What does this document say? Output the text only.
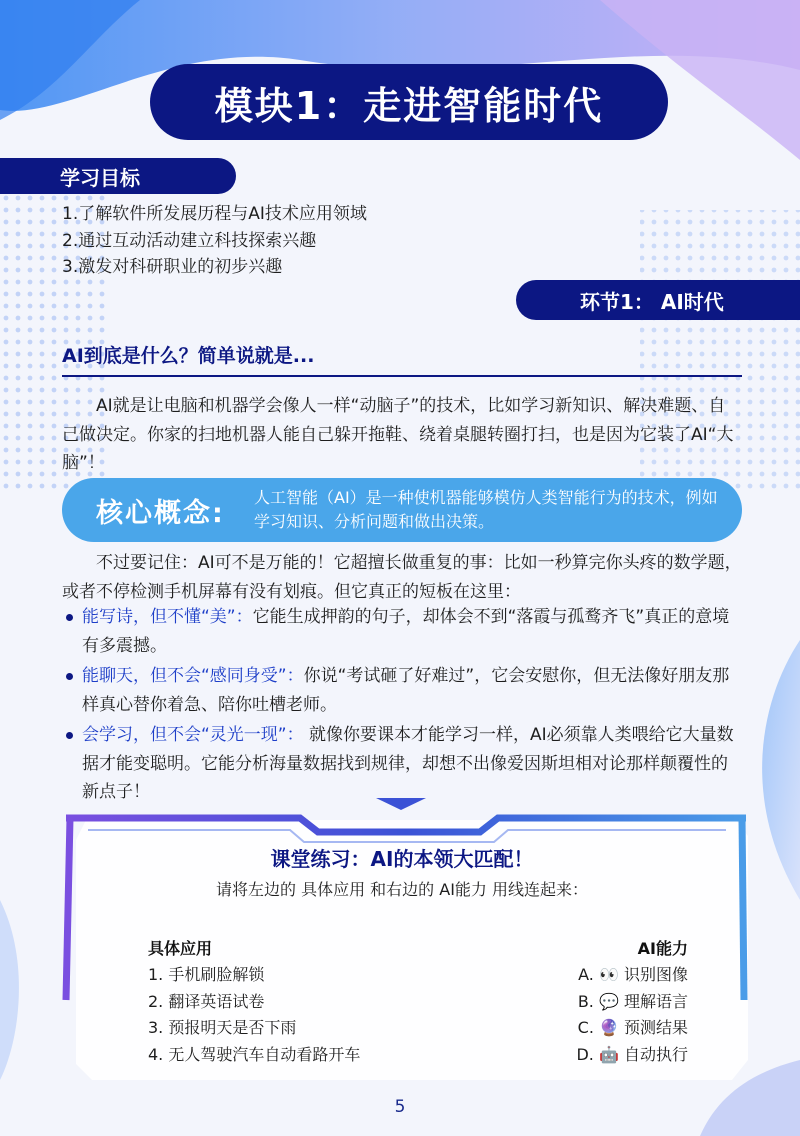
模块1：走进智能时代
学习目标
1.了解软件所发展历程与AI技术应用领域
2.通过互动活动建立科技探索兴趣
3.激发对科研职业的初步兴趣
环节1： AI时代
AI到底是什么？简单说就是...
AI就是让电脑和机器学会像人一样“动脑子”的技术，比如学习新知识、解决难题、自己做决定。你家的扫地机器人能自己躲开拖鞋、绕着桌腿转圈打扫，也是因为它装了AI“大脑”！
核心概念:	人工智能（AI）是一种使机器能够模仿人类智能行为的技术，例如学习知识、分析问题和做出决策。
不过要记住：AI可不是万能的！它超擅长做重复的事：比如一秒算完你头疼的数学题，或者不停检测手机屏幕有没有划痕。但它真正的短板在这里：
能写诗，但不懂“美”：它能生成押韵的句子，却体会不到“落霞与孤鹜齐飞”真正的意境有多震撼。
能聊天，但不会“感同身受”：你说“考试砸了好难过”，它会安慰你，但无法像好朋友那样真心替你着急、陪你吐槽老师。
会学习，但不会“灵光一现”： 就像你要课本才能学习一样，AI必须靠人类喂给它大量数据才能变聪明。它能分析海量数据找到规律，却想不出像爱因斯坦相对论那样颠覆性的新点子！
课堂练习：AI的本领大匹配！
请将左边的 具体应用 和右边的 AI能力 用线连起来：
具体应用
1. 手机刷脸解锁
2. 翻译英语试卷
3. 预报明天是否下雨
4. 无人驾驶汽车自动看路开车
AI能力
A. 👀 识别图像
B. 💬 理解语言
C. 🔮 预测结果
D. 🤖 自动执行
5
